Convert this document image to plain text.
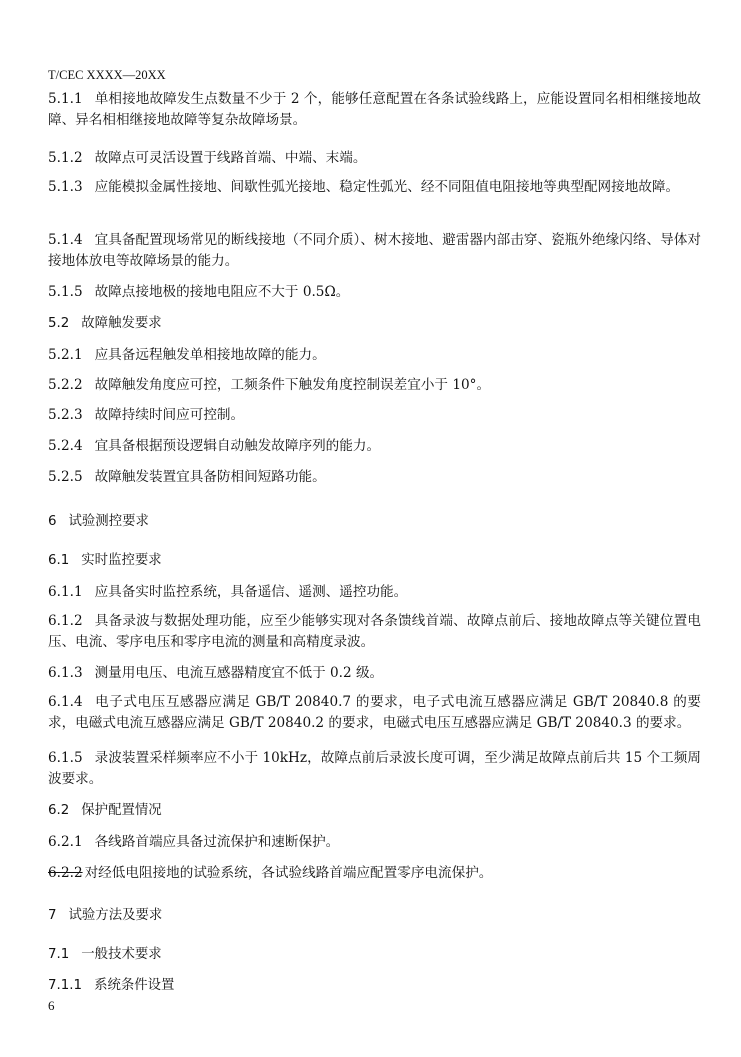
T/CEC XXXX—20XX
5.1.1 单相接地故障发生点数量不少于 2 个，能够任意配置在各条试验线路上，应能设置同名相相继接地故障、异名相相继接地故障等复杂故障场景。
5.1.2 故障点可灵活设置于线路首端、中端、末端。
5.1.3 应能模拟金属性接地、间歇性弧光接地、稳定性弧光、经不同阻值电阻接地等典型配网接地故障。
5.1.4 宜具备配置现场常见的断线接地（不同介质）、树木接地、避雷器内部击穿、瓷瓶外绝缘闪络、导体对接地体放电等故障场景的能力。
5.1.5 故障点接地极的接地电阻应不大于 0.5Ω。
5.2 故障触发要求
5.2.1 应具备远程触发单相接地故障的能力。
5.2.2 故障触发角度应可控，工频条件下触发角度控制误差宜小于 10°。
5.2.3 故障持续时间应可控制。
5.2.4 宜具备根据预设逻辑自动触发故障序列的能力。
5.2.5 故障触发装置宜具备防相间短路功能。
6 试验测控要求
6.1 实时监控要求
6.1.1 应具备实时监控系统，具备遥信、遥测、遥控功能。
6.1.2 具备录波与数据处理功能，应至少能够实现对各条馈线首端、故障点前后、接地故障点等关键位置电压、电流、零序电压和零序电流的测量和高精度录波。
6.1.3 测量用电压、电流互感器精度宜不低于 0.2 级。
6.1.4 电子式电压互感器应满足 GB/T 20840.7 的要求，电子式电流互感器应满足 GB/T 20840.8 的要求，电磁式电流互感器应满足 GB/T 20840.2 的要求，电磁式电压互感器应满足 GB/T 20840.3 的要求。
6.1.5 录波装置采样频率应不小于 10kHz，故障点前后录波长度可调，至少满足故障点前后共 15 个工频周波要求。
6.2 保护配置情况
6.2.1 各线路首端应具备过流保护和速断保护。
6.2.2 对经低电阻接地的试验系统，各试验线路首端应配置零序电流保护。
7 试验方法及要求
7.1 一般技术要求
7.1.1 系统条件设置
6
